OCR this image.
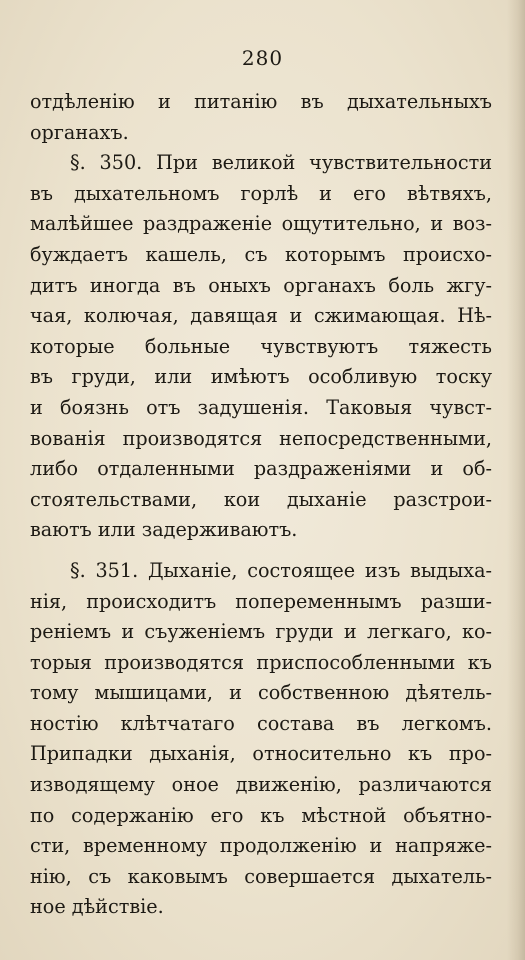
280
отдѣленію и питанію въ дыхательныхъ
органахъ.
§. 350. При великой чувствительности
въ дыхательномъ горлѣ и его вѣтвяхъ,
малѣйшее раздраженіе ощутительно, и воз-
буждаетъ кашель, съ которымъ происхо-
дитъ иногда въ оныхъ органахъ боль жгу-
чая, колючая, давящая и сжимающая. Нѣ-
которые больные чувствуютъ тяжесть
въ груди, или имѣютъ особливую тоску
и боязнь отъ задушенія. Таковыя чувст-
вованія производятся непосредственными,
либо отдаленными раздраженіями и об-
стоятельствами, кои дыханіе разстрои-
ваютъ или задерживаютъ.
§. 351. Дыханіе, состоящее изъ выдыха-
нія, происходитъ попеременнымъ разши-
реніемъ и съуженіемъ груди и легкаго, ко-
торыя производятся приспособленными къ
тому мышицами, и собственною дѣятель-
ностію клѣтчатаго состава въ легкомъ.
Припадки дыханія, относительно къ про-
изводящему оное движенію, различаются
по содержанію его къ мѣстной объятно-
сти, временному продолженію и напряже-
нію, съ каковымъ совершается дыхатель-
ное дѣйствіе.
